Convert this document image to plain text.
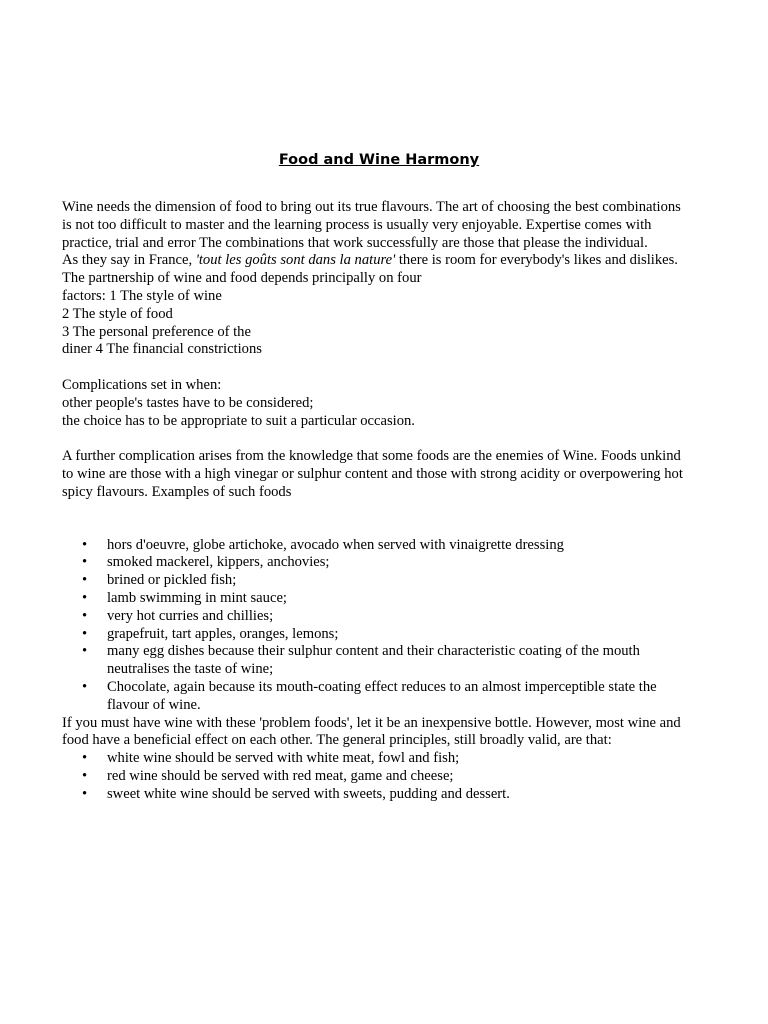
Food and Wine Harmony

Wine needs the dimension of food to bring out its true flavours. The art of choosing the best combinations is not too difficult to master and the learning process is usually very enjoyable. Expertise comes with practice, trial and error The combinations that work successfully are those that please the individual.

As they say in France, 'tout les goûts sont dans la nature' there is room for everybody's likes and dislikes.

The partnership of wine and food depends principally on four

factors: 1 The style of wine

2 The style of food

3 The personal preference of the

diner 4 The financial constrictions

Complications set in when:

other people's tastes have to be considered;

the choice has to be appropriate to suit a particular occasion.

A further complication arises from the knowledge that some foods are the enemies of Wine. Foods unkind to wine are those with a high vinegar or sulphur content and those with strong acidity or overpowering hot spicy flavours. Examples of such foods

• hors d'oeuvre, globe artichoke, avocado when served with vinaigrette dressing
• smoked mackerel, kippers, anchovies;
• brined or pickled fish;
• lamb swimming in mint sauce;
• very hot curries and chillies;
• grapefruit, tart apples, oranges, lemons;
• many egg dishes because their sulphur content and their characteristic coating of the mouth neutralises the taste of wine;
• Chocolate, again because its mouth-coating effect reduces to an almost imperceptible state the flavour of wine.

If you must have wine with these 'problem foods', let it be an inexpensive bottle. However, most wine and food have a beneficial effect on each other. The general principles, still broadly valid, are that:

• white wine should be served with white meat, fowl and fish;
• red wine should be served with red meat, game and cheese;
• sweet white wine should be served with sweets, pudding and dessert.
